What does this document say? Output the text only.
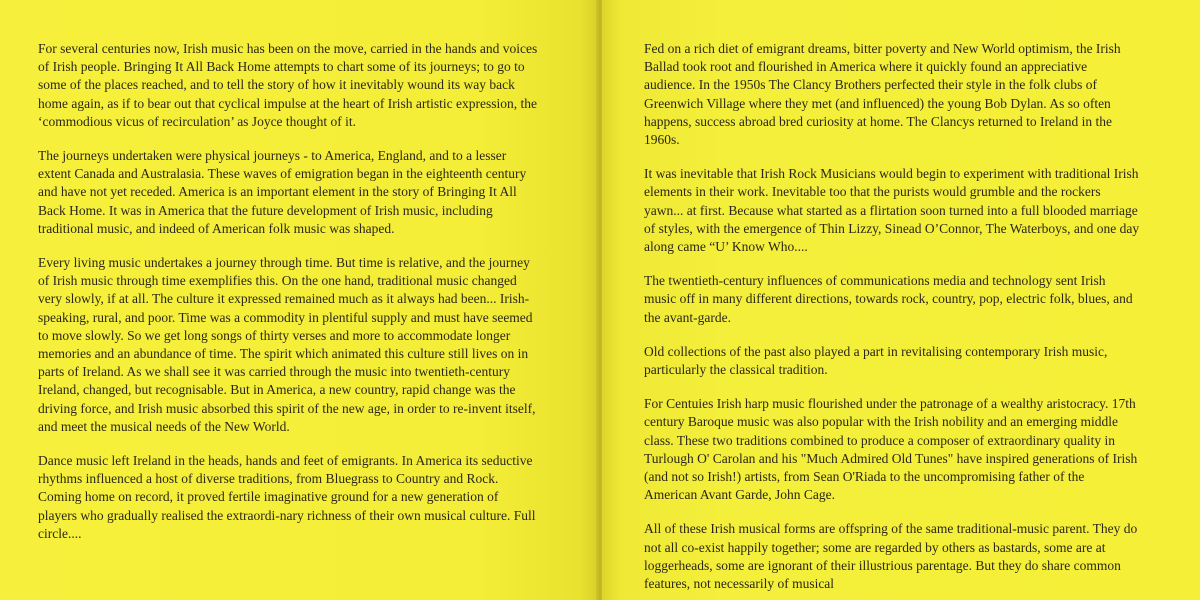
For several centuries now, Irish music has been on the move, carried in the hands and voices of Irish people. Bringing It All Back Home attempts to chart some of its journeys; to go to some of the places reached, and to tell the story of how it inevitably wound its way back home again, as if to bear out that cyclical impulse at the heart of Irish artistic expression, the ‘commodious vicus of recirculation’ as Joyce thought of it.

The journeys undertaken were physical journeys - to America, England, and to a lesser extent Canada and Australasia. These waves of emigration began in the eighteenth century and have not yet receded. America is an important element in the story of Bringing It All Back Home. It was in America that the future development of Irish music, including traditional music, and indeed of American folk music was shaped.

Every living music undertakes a journey through time. But time is relative, and the journey of Irish music through time exemplifies this. On the one hand, traditional music changed very slowly, if at all. The culture it expressed remained much as it always had been... Irish-speaking, rural, and poor. Time was a commodity in plentiful supply and must have seemed to move slowly. So we get long songs of thirty verses and more to accommodate longer memories and an abundance of time. The spirit which animated this culture still lives on in parts of Ireland. As we shall see it was carried through the music into twentieth-century Ireland, changed, but recognisable. But in America, a new country, rapid change was the driving force, and Irish music absorbed this spirit of the new age, in order to re-invent itself, and meet the musical needs of the New World.

Dance music left Ireland in the heads, hands and feet of emigrants. In America its seductive rhythms influenced a host of diverse traditions, from Bluegrass to Country and Rock. Coming home on record, it proved fertile imaginative ground for a new generation of players who gradually realised the extraordi-nary richness of their own musical culture. Full circle....

Fed on a rich diet of emigrant dreams, bitter poverty and New World optimism, the Irish Ballad took root and flourished in America where it quickly found an appreciative audience. In the 1950s The Clancy Brothers perfected their style in the folk clubs of Greenwich Village where they met (and influenced) the young Bob Dylan. As so often happens, success abroad bred curiosity at home. The Clancys returned to Ireland in the 1960s.

It was inevitable that Irish Rock Musicians would begin to experiment with traditional Irish elements in their work. Inevitable too that the purists would grumble and the rockers yawn... at first. Because what started as a flirtation soon turned into a full blooded marriage of styles, with the emergence of Thin Lizzy, Sinead O’Connor, The Waterboys, and one day along came “U’ Know Who....

The twentieth-century influences of communications media and technology sent Irish music off in many different directions, towards rock, country, pop, electric folk, blues, and the avant-garde.

Old collections of the past also played a part in revitalising contemporary Irish music, particularly the classical tradition.

For Centuies Irish harp music flourished under the patronage of a wealthy aristocracy. 17th century Baroque music was also popular with the Irish nobility and an emerging middle class. These two traditions combined to produce a composer of extraordinary quality in Turlough O' Carolan and his "Much Admired Old Tunes" have inspired generations of Irish (and not so Irish!) artists, from Sean O'Riada to the uncompromising father of the American Avant Garde, John Cage.

All of these Irish musical forms are offspring of the same traditional-music parent. They do not all co-exist happily together; some are regarded by others as bastards, some are at loggerheads, some are ignorant of their illustrious parentage. But they do share common features, not necessarily of musical
